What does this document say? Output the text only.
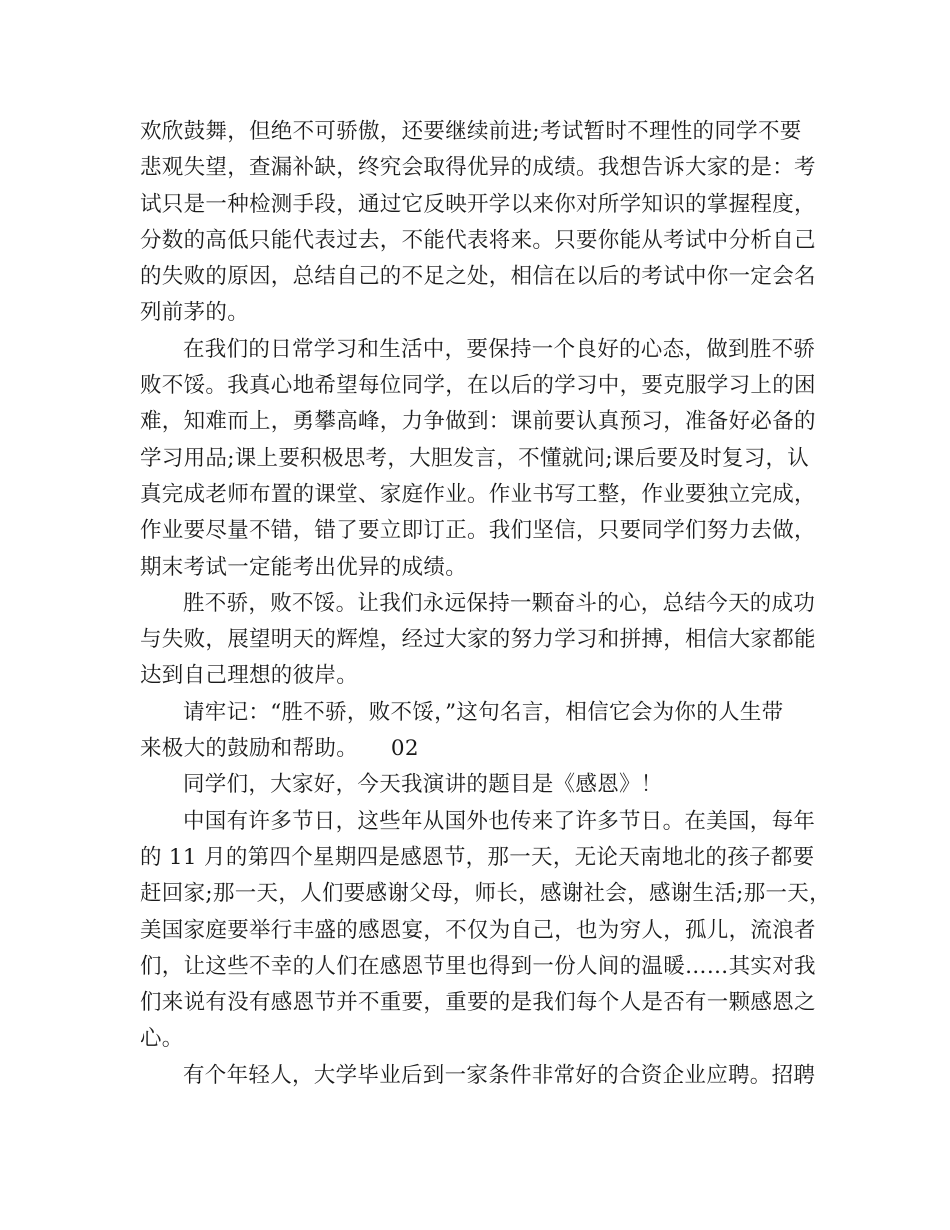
欢欣鼓舞，但绝不可骄傲，还要继续前进;考试暂时不理性的同学不要
悲观失望，查漏补缺，终究会取得优异的成绩。我想告诉大家的是：考
试只是一种检测手段，通过它反映开学以来你对所学知识的掌握程度，
分数的高低只能代表过去，不能代表将来。只要你能从考试中分析自己
的失败的原因，总结自己的不足之处，相信在以后的考试中你一定会名
列前茅的。
在我们的日常学习和生活中，要保持一个良好的心态，做到胜不骄
败不馁。我真心地希望每位同学，在以后的学习中，要克服学习上的困
难，知难而上，勇攀高峰，力争做到：课前要认真预习，准备好必备的
学习用品;课上要积极思考，大胆发言，不懂就问;课后要及时复习，认
真完成老师布置的课堂、家庭作业。作业书写工整，作业要独立完成，
作业要尽量不错，错了要立即订正。我们坚信，只要同学们努力去做，
期末考试一定能考出优异的成绩。
胜不骄，败不馁。让我们永远保持一颗奋斗的心，总结今天的成功
与失败，展望明天的辉煌，经过大家的努力学习和拼搏，相信大家都能
达到自己理想的彼岸。
请牢记：“胜不骄，败不馁，”这句名言，相信它会为你的人生带
来极大的鼓励和帮助。　　02
同学们，大家好，今天我演讲的题目是《感恩》！
中国有许多节日，这些年从国外也传来了许多节日。在美国，每年
的 11 月的第四个星期四是感恩节，那一天，无论天南地北的孩子都要
赶回家;那一天，人们要感谢父母，师长，感谢社会，感谢生活;那一天，
美国家庭要举行丰盛的感恩宴，不仅为自己，也为穷人，孤儿，流浪者
们，让这些不幸的人们在感恩节里也得到一份人间的温暖……其实对我
们来说有没有感恩节并不重要，重要的是我们每个人是否有一颗感恩之
心。
有个年轻人，大学毕业后到一家条件非常好的合资企业应聘。招聘
